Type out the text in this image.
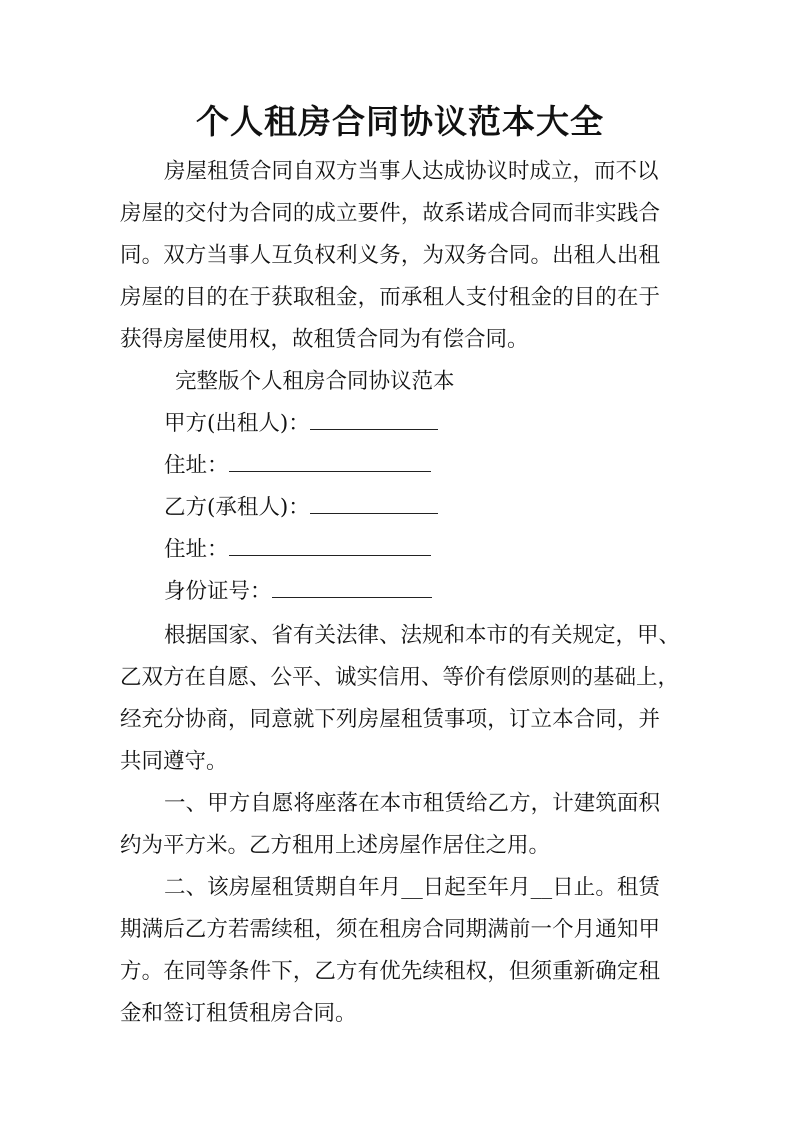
个人租房合同协议范本大全
房屋租赁合同自双方当事人达成协议时成立，而不以
房屋的交付为合同的成立要件，故系诺成合同而非实践合
同。双方当事人互负权利义务，为双务合同。出租人出租
房屋的目的在于获取租金，而承租人支付租金的目的在于
获得房屋使用权，故租赁合同为有偿合同。
完整版个人租房合同协议范本
甲方(出租人)：
住址：
乙方(承租人)：
住址：
身份证号：
根据国家、省有关法律、法规和本市的有关规定，甲、
乙双方在自愿、公平、诚实信用、等价有偿原则的基础上，
经充分协商，同意就下列房屋租赁事项，订立本合同，并
共同遵守。
一、甲方自愿将座落在本市租赁给乙方，计建筑面积
约为平方米。乙方租用上述房屋作居住之用。
二、该房屋租赁期自年月__日起至年月__日止。租赁
期满后乙方若需续租，须在租房合同期满前一个月通知甲
方。在同等条件下，乙方有优先续租权，但须重新确定租
金和签订租赁租房合同。
